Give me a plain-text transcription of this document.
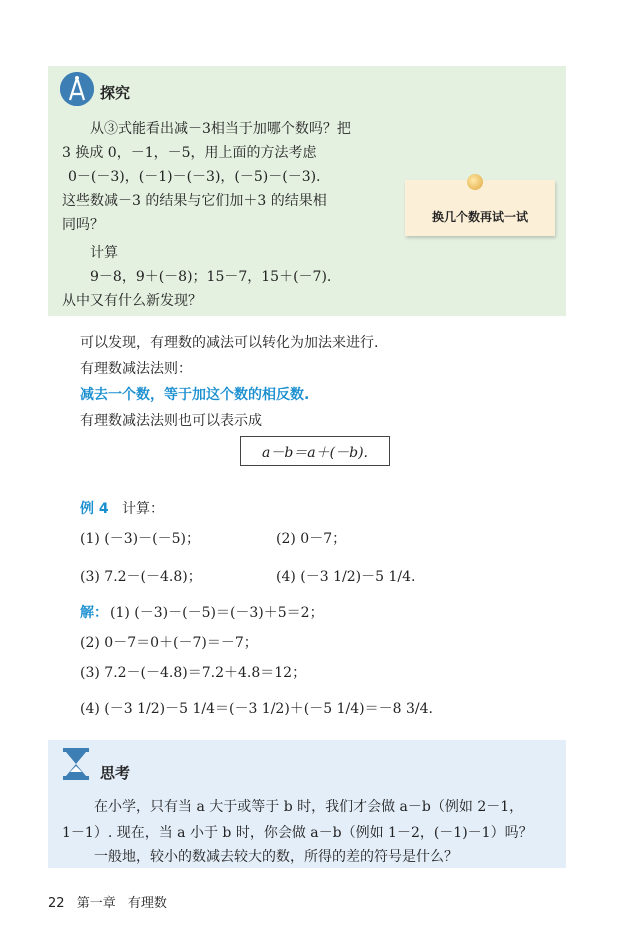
探究
从③式能看出减－3相当于加哪个数吗？把
3 换成 0，－1，－5，用上面的方法考虑
0－(－3)，(－1)－(－3)，(－5)－(－3).
这些数减－3 的结果与它们加＋3 的结果相
同吗？
计算
9－8，9＋(－8)；15－7，15＋(－7).
从中又有什么新发现？
换几个数再试一试
可以发现，有理数的减法可以转化为加法来进行.
有理数减法法则：
减去一个数，等于加这个数的相反数.
有理数减法法则也可以表示成
a－b＝a＋(－b).
例 4 计算：
(1) (－3)－(－5)；	(2) 0－7；
(3) 7.2－(－4.8)；	(4) (－3 1/2)－5 1/4.
解： (1) (－3)－(－5)＝(－3)＋5＝2；
(2) 0－7＝0＋(－7)＝－7；
(3) 7.2－(－4.8)＝7.2＋4.8＝12；
(4) (－3 1/2)－5 1/4＝(－3 1/2)＋(－5 1/4)＝－8 3/4.
思考
在小学，只有当 a 大于或等于 b 时，我们才会做 a－b（例如 2－1，
1－1）. 现在，当 a 小于 b 时，你会做 a－b（例如 1－2，(－1)－1）吗？
一般地，较小的数减去较大的数，所得的差的符号是什么？
22 第一章 有理数
